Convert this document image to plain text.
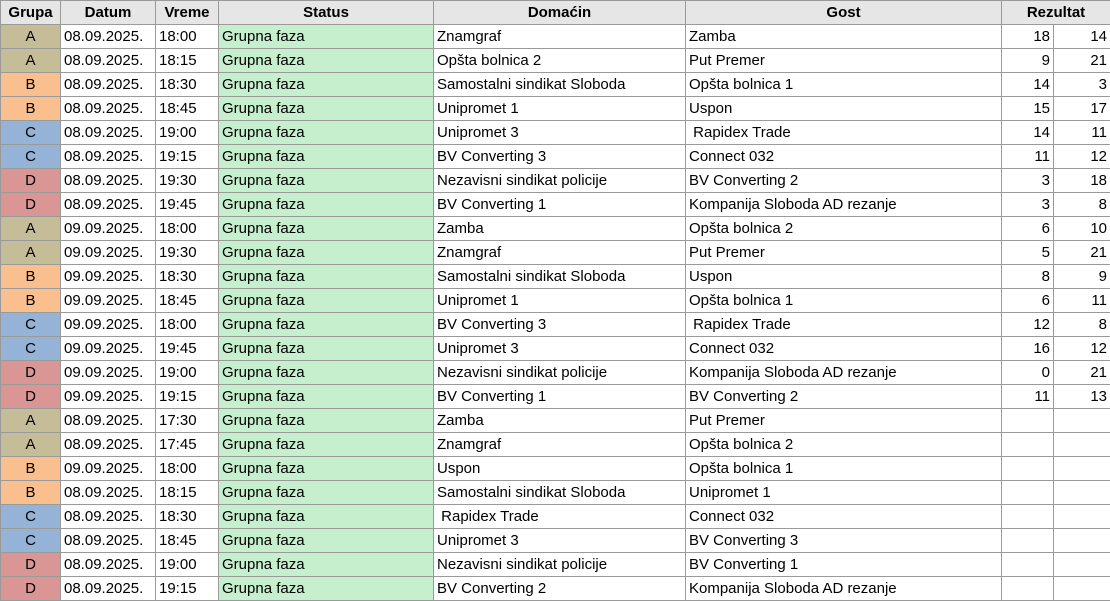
Grupa	Datum	Vreme	Status	Domaćin	Gost	Rezultat	
A	08.09.2025.	18:00	Grupna faza	Znamgraf	Zamba	18	14
A	08.09.2025.	18:15	Grupna faza	Opšta bolnica 2	Put Premer	9	21
B	08.09.2025.	18:30	Grupna faza	Samostalni sindikat Sloboda	Opšta bolnica 1	14	3
B	08.09.2025.	18:45	Grupna faza	Unipromet 1	Uspon	15	17
C	08.09.2025.	19:00	Grupna faza	Unipromet 3	Rapidex Trade	14	11
C	08.09.2025.	19:15	Grupna faza	BV Converting 3	Connect 032	11	12
D	08.09.2025.	19:30	Grupna faza	Nezavisni sindikat policije	BV Converting 2	3	18
D	08.09.2025.	19:45	Grupna faza	BV Converting 1	Kompanija Sloboda AD rezanje	3	8
A	09.09.2025.	18:00	Grupna faza	Zamba	Opšta bolnica 2	6	10
A	09.09.2025.	19:30	Grupna faza	Znamgraf	Put Premer	5	21
B	09.09.2025.	18:30	Grupna faza	Samostalni sindikat Sloboda	Uspon	8	9
B	09.09.2025.	18:45	Grupna faza	Unipromet 1	Opšta bolnica 1	6	11
C	09.09.2025.	18:00	Grupna faza	BV Converting 3	Rapidex Trade	12	8
C	09.09.2025.	19:45	Grupna faza	Unipromet 3	Connect 032	16	12
D	09.09.2025.	19:00	Grupna faza	Nezavisni sindikat policije	Kompanija Sloboda AD rezanje	0	21
D	09.09.2025.	19:15	Grupna faza	BV Converting 1	BV Converting 2	11	13
A	08.09.2025.	17:30	Grupna faza	Zamba	Put Premer		
A	08.09.2025.	17:45	Grupna faza	Znamgraf	Opšta bolnica 2		
B	09.09.2025.	18:00	Grupna faza	Uspon	Opšta bolnica 1		
B	08.09.2025.	18:15	Grupna faza	Samostalni sindikat Sloboda	Unipromet 1		
C	08.09.2025.	18:30	Grupna faza	Rapidex Trade	Connect 032		
C	08.09.2025.	18:45	Grupna faza	Unipromet 3	BV Converting 3		
D	08.09.2025.	19:00	Grupna faza	Nezavisni sindikat policije	BV Converting 1		
D	08.09.2025.	19:15	Grupna faza	BV Converting 2	Kompanija Sloboda AD rezanje		
